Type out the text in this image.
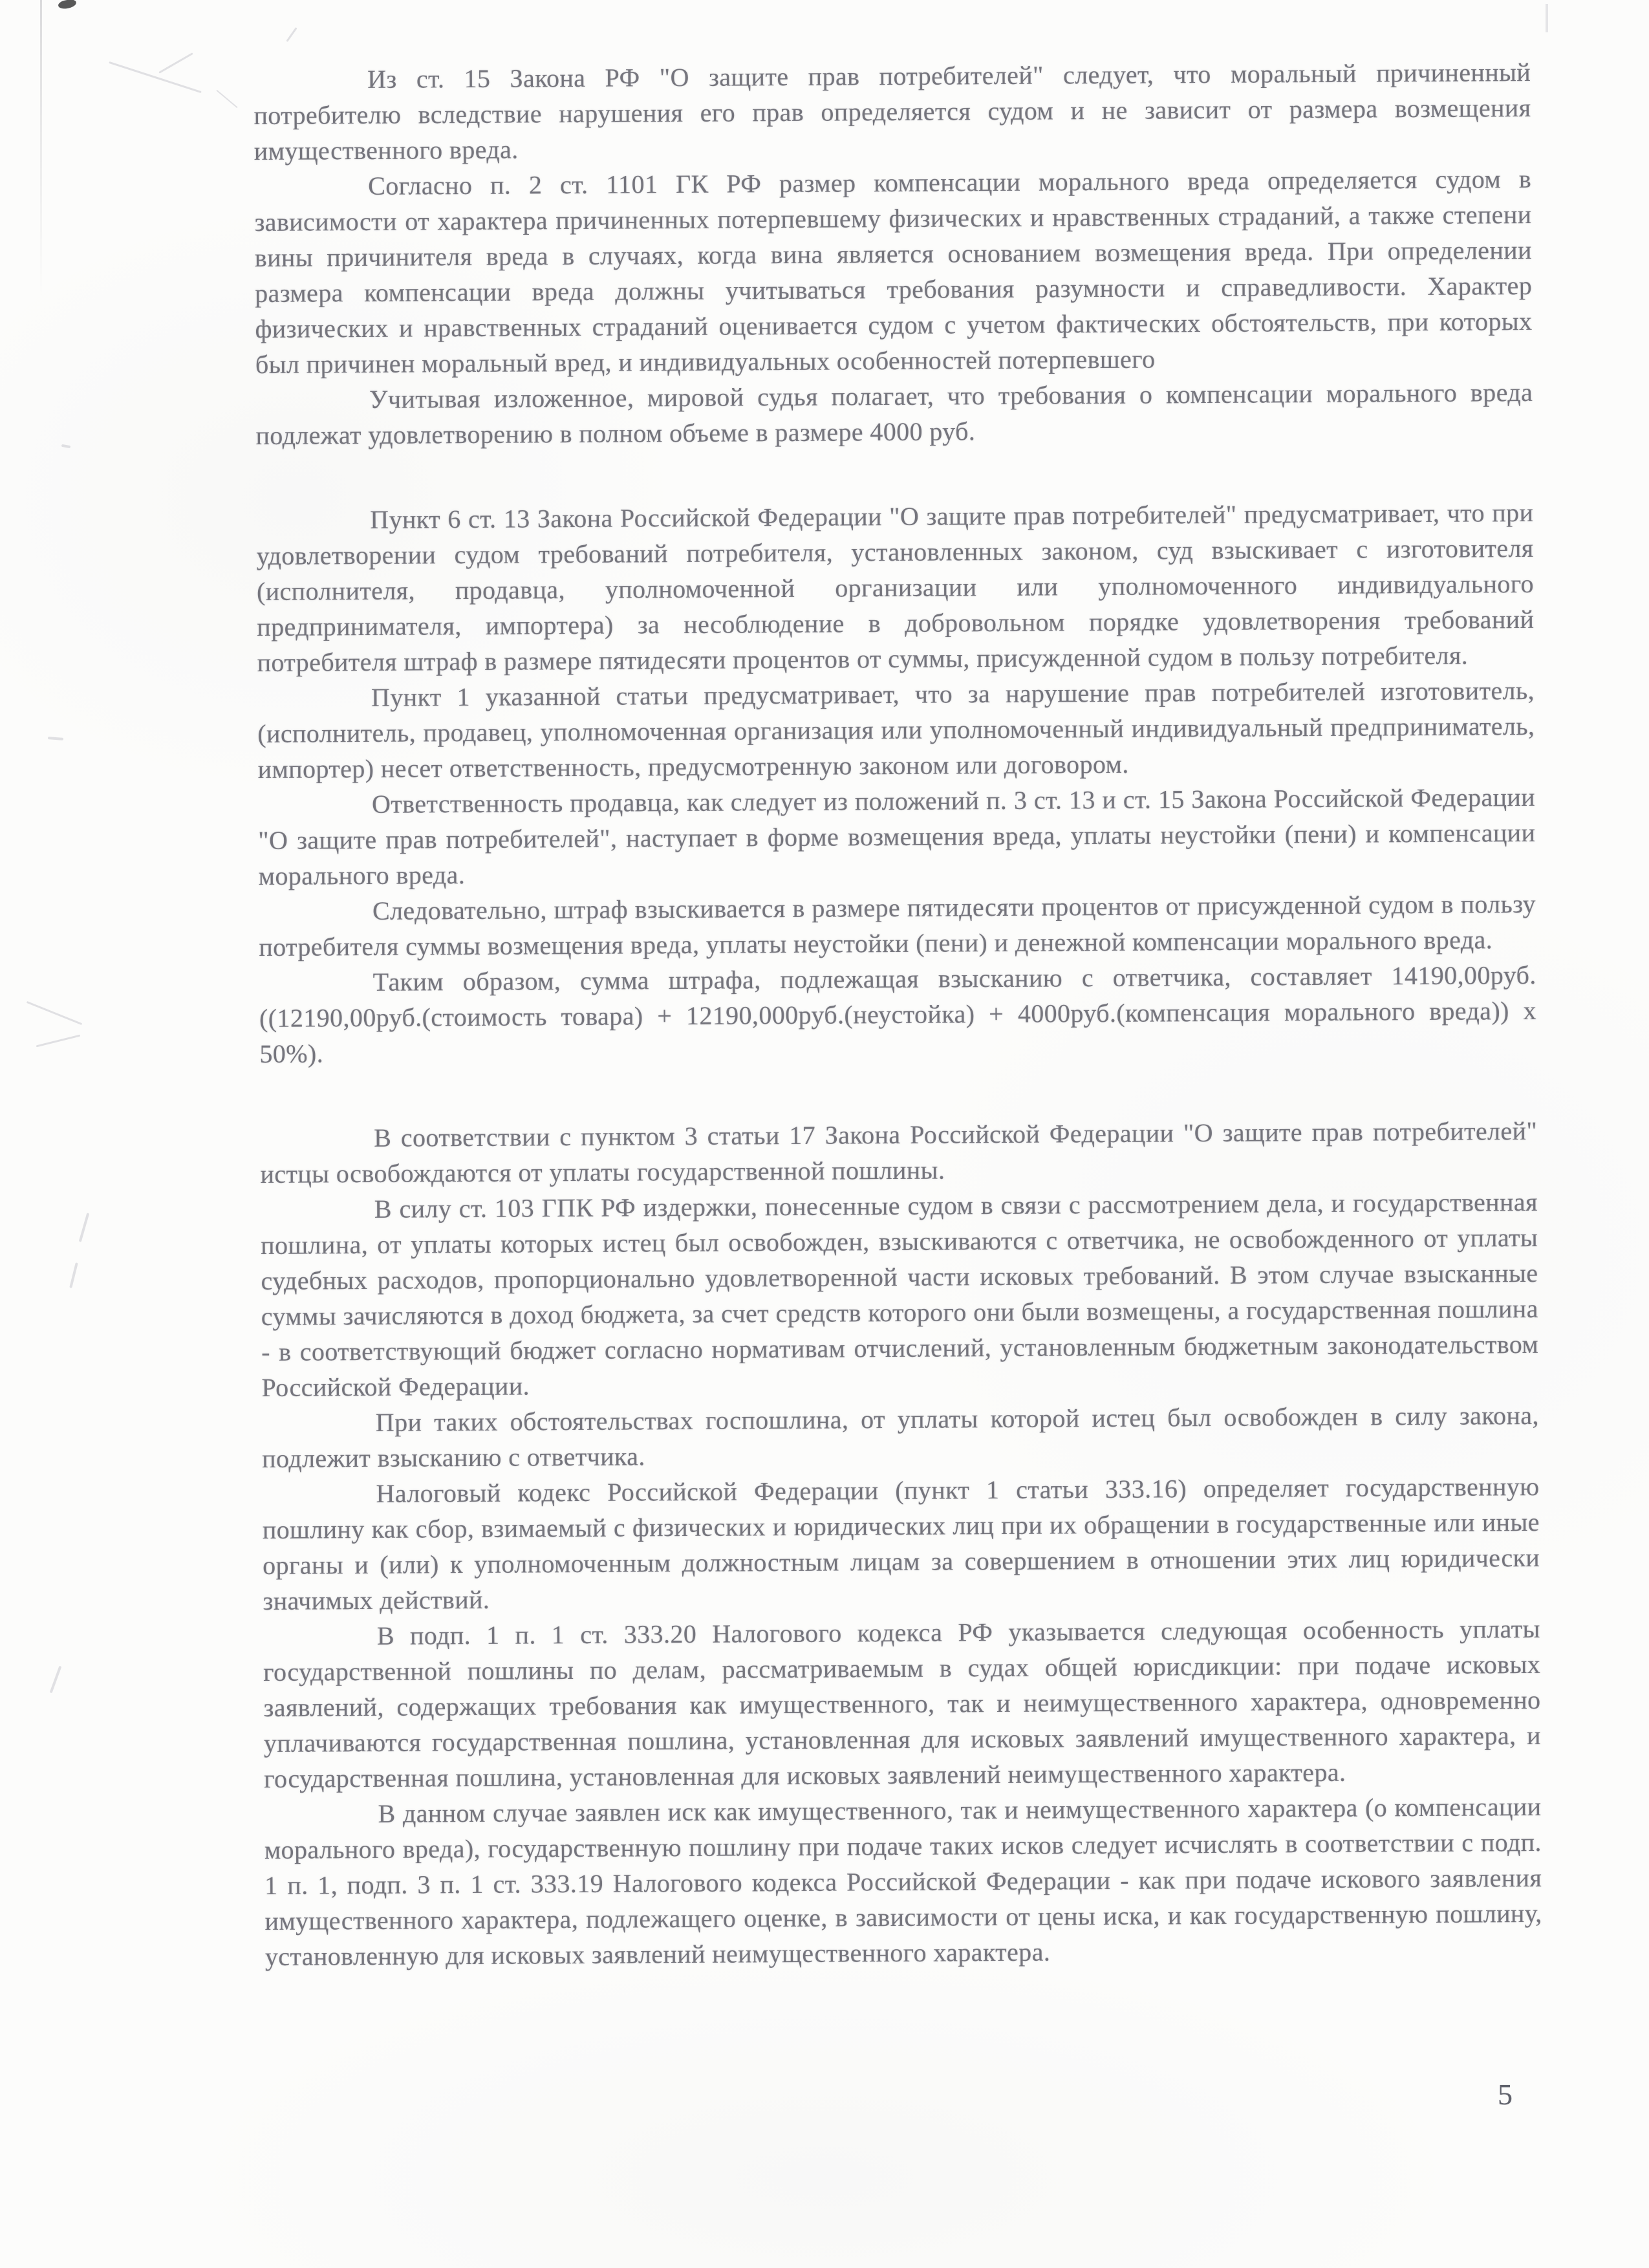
Из ст. 15 Закона РФ "О защите прав потребителей" следует, что моральный причиненный потребителю вследствие нарушения его прав определяется судом и не зависит от размера возмещения имущественного вреда.

Согласно п. 2 ст. 1101 ГК РФ размер компенсации морального вреда определяется судом в зависимости от характера причиненных потерпевшему физических и нравственных страданий, а также степени вины причинителя вреда в случаях, когда вина является основанием возмещения вреда. При определении размера компенсации вреда должны учитываться требования разумности и справедливости. Характер физических и нравственных страданий оценивается судом с учетом фактических обстоятельств, при которых был причинен моральный вред, и индивидуальных особенностей потерпевшего

Учитывая изложенное, мировой судья полагает, что требования о компенсации морального вреда подлежат удовлетворению в полном объеме в размере 4000 руб.

Пункт 6 ст. 13 Закона Российской Федерации "О защите прав потребителей" предусматривает, что при удовлетворении судом требований потребителя, установленных законом, суд взыскивает с изготовителя (исполнителя, продавца, уполномоченной организации или уполномоченного индивидуального предпринимателя, импортера) за несоблюдение в добровольном порядке удовлетворения требований потребителя штраф в размере пятидесяти процентов от суммы, присужденной судом в пользу потребителя.

Пункт 1 указанной статьи предусматривает, что за нарушение прав потребителей изготовитель, (исполнитель, продавец, уполномоченная организация или уполномоченный индивидуальный предприниматель, импортер) несет ответственность, предусмотренную законом или договором.

Ответственность продавца, как следует из положений п. 3 ст. 13 и ст. 15 Закона Российской Федерации "О защите прав потребителей", наступает в форме возмещения вреда, уплаты неустойки (пени) и компенсации морального вреда.

Следовательно, штраф взыскивается в размере пятидесяти процентов от присужденной судом в пользу потребителя суммы возмещения вреда, уплаты неустойки (пени) и денежной компенсации морального вреда.

Таким образом, сумма штрафа, подлежащая взысканию с ответчика, составляет 14190,00руб. ((12190,00руб.(стоимость товара) + 12190,000руб.(неустойка) + 4000руб.(компенсация морального вреда)) х 50%).

В соответствии с пунктом 3 статьи 17 Закона Российской Федерации "О защите прав потребителей" истцы освобождаются от уплаты государственной пошлины.

В силу ст. 103 ГПК РФ издержки, понесенные судом в связи с рассмотрением дела, и государственная пошлина, от уплаты которых истец был освобожден, взыскиваются с ответчика, не освобожденного от уплаты судебных расходов, пропорционально удовлетворенной части исковых требований. В этом случае взысканные суммы зачисляются в доход бюджета, за счет средств которого они были возмещены, а государственная пошлина - в соответствующий бюджет согласно нормативам отчислений, установленным бюджетным законодательством Российской Федерации.

При таких обстоятельствах госпошлина, от уплаты которой истец был освобожден в силу закона, подлежит взысканию с ответчика.

Налоговый кодекс Российской Федерации (пункт 1 статьи 333.16) определяет государственную пошлину как сбор, взимаемый с физических и юридических лиц при их обращении в государственные или иные органы и (или) к уполномоченным должностным лицам за совершением в отношении этих лиц юридически значимых действий.

В подп. 1 п. 1 ст. 333.20 Налогового кодекса РФ указывается следующая особенность уплаты государственной пошлины по делам, рассматриваемым в судах общей юрисдикции: при подаче исковых заявлений, содержащих требования как имущественного, так и неимущественного характера, одновременно уплачиваются государственная пошлина, установленная для исковых заявлений имущественного характера, и государственная пошлина, установленная для исковых заявлений неимущественного характера.

В данном случае заявлен иск как имущественного, так и неимущественного характера (о компенсации морального вреда), государственную пошлину при подаче таких исков следует исчислять в соответствии с подп. 1 п. 1, подп. 3 п. 1 ст. 333.19 Налогового кодекса Российской Федерации - как при подаче искового заявления имущественного характера, подлежащего оценке, в зависимости от цены иска, и как государственную пошлину, установленную для исковых заявлений неимущественного характера.

5
